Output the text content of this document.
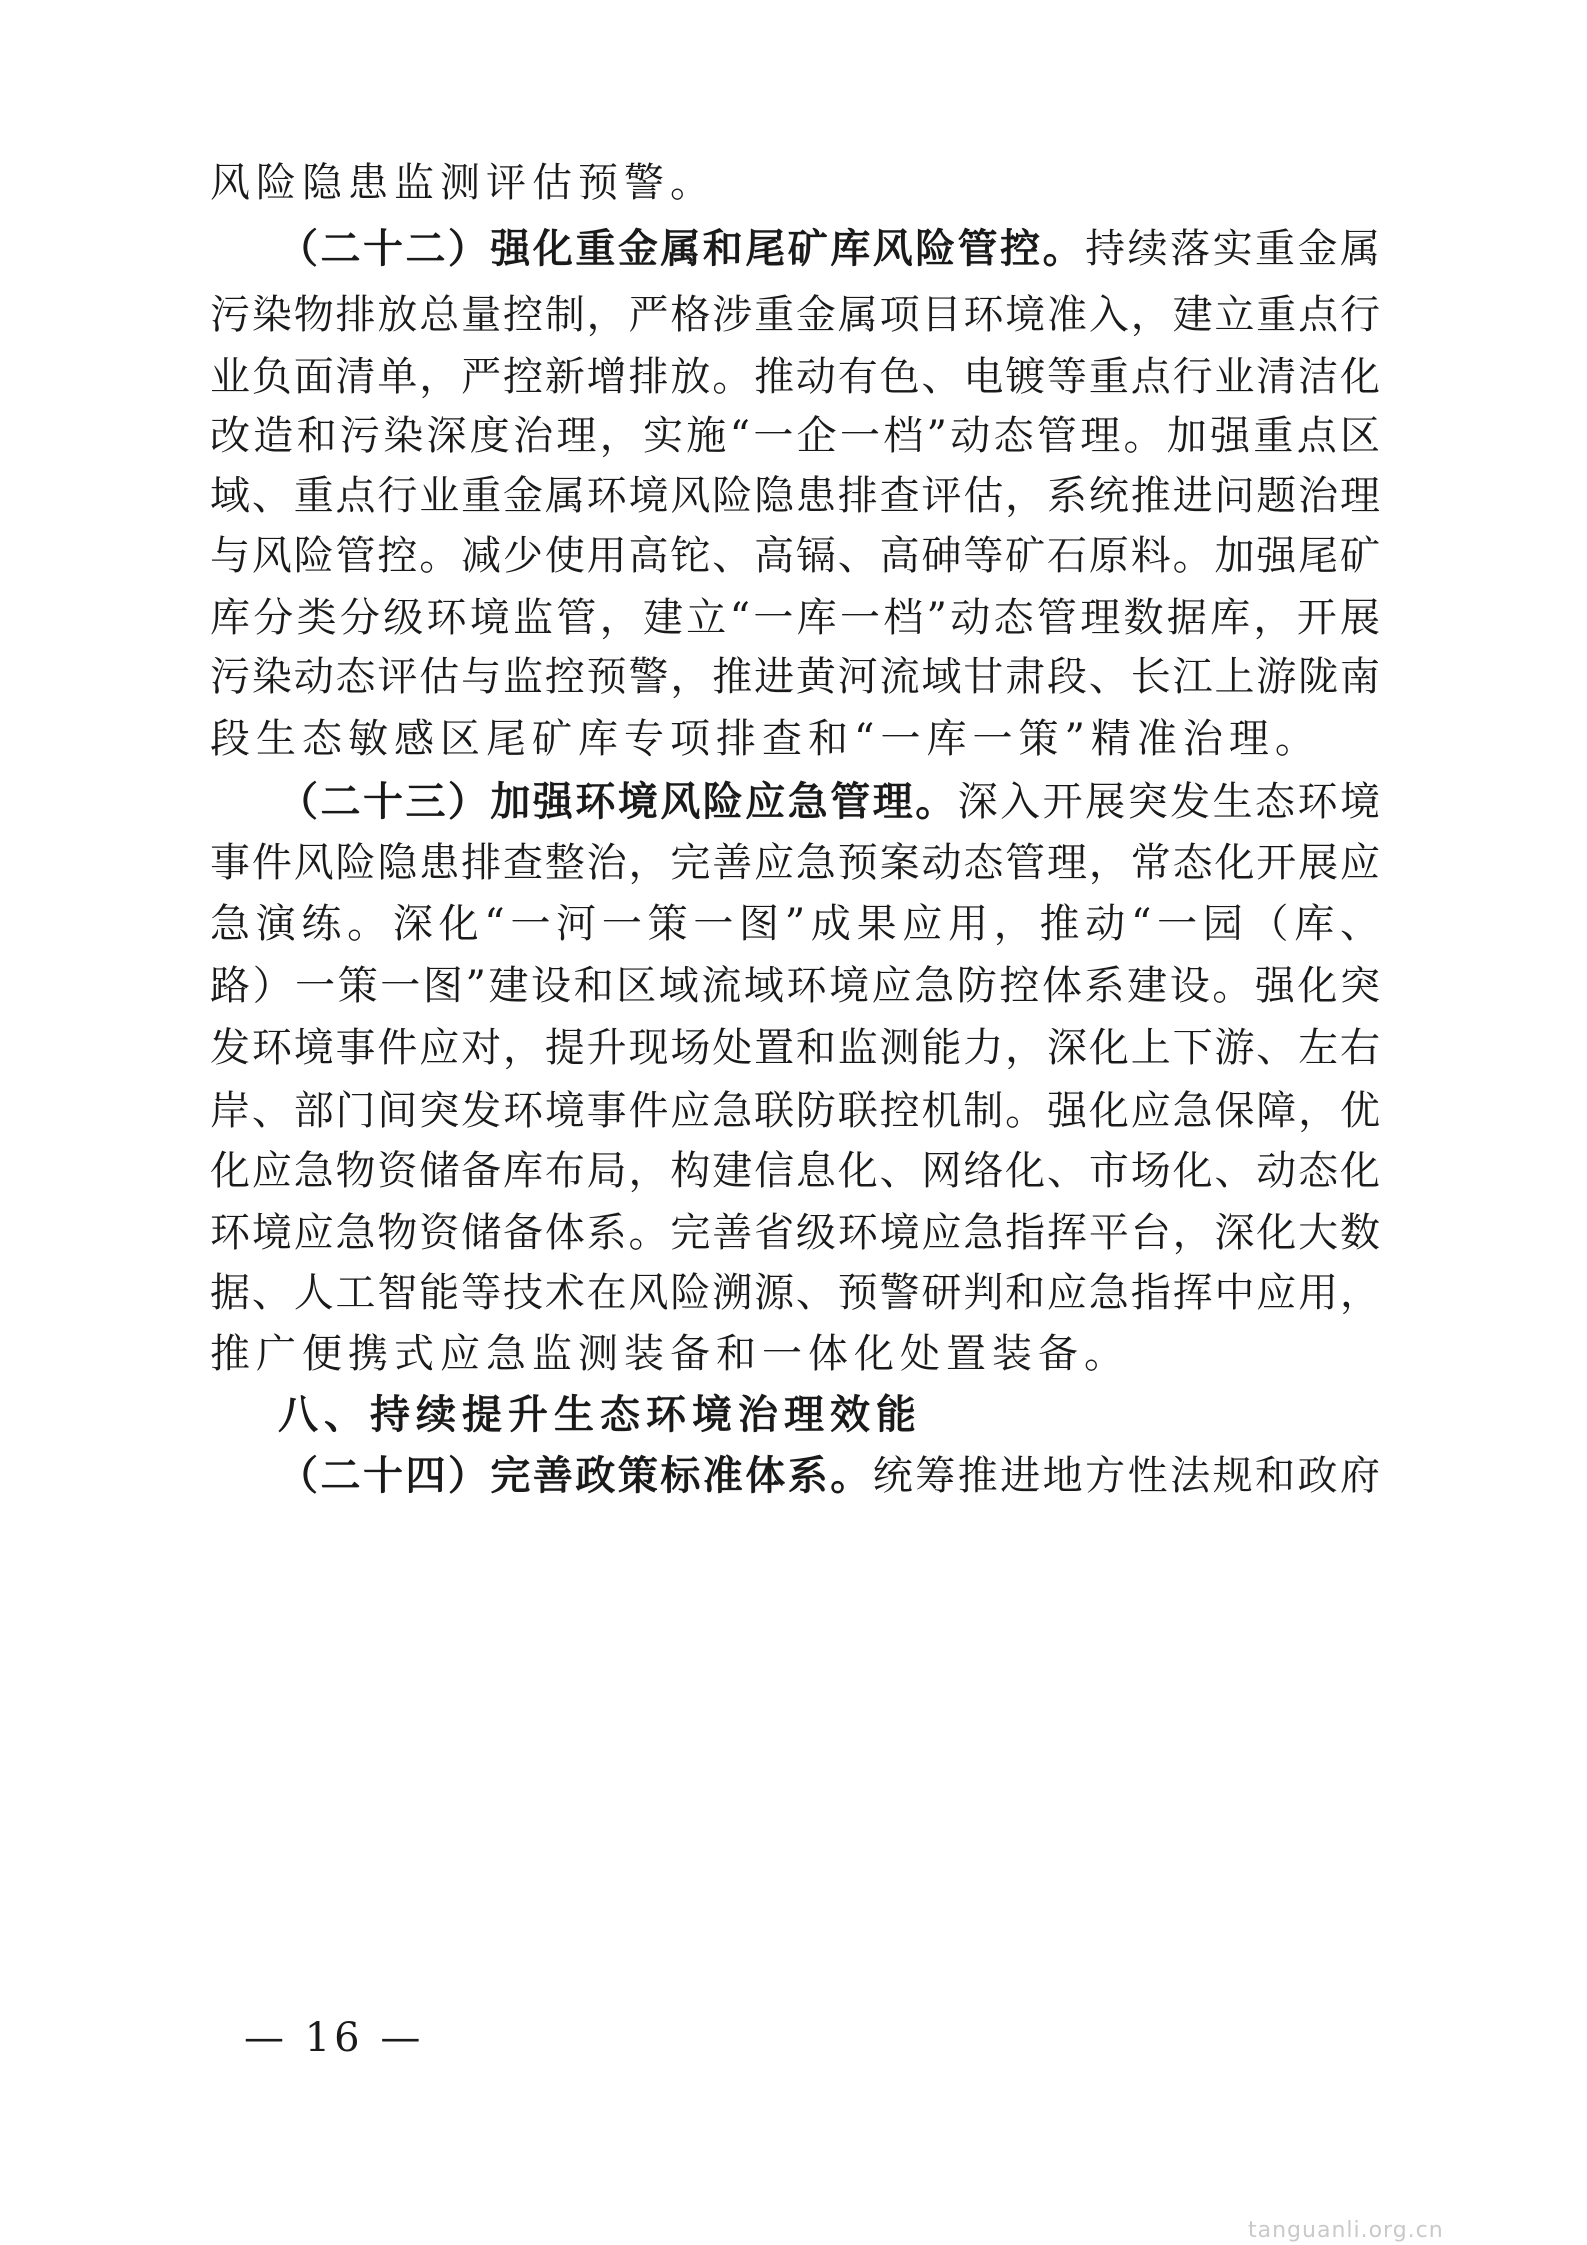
风险隐患监测评估预警。
（二十二）强化重金属和尾矿库风险管控。持续落实重金属
污染物排放总量控制，严格涉重金属项目环境准入，建立重点行
业负面清单，严控新增排放。推动有色、电镀等重点行业清洁化
改造和污染深度治理，实施“一企一档”动态管理。加强重点区
域、重点行业重金属环境风险隐患排查评估，系统推进问题治理
与风险管控。减少使用高铊、高镉、高砷等矿石原料。加强尾矿
库分类分级环境监管，建立“一库一档”动态管理数据库，开展
污染动态评估与监控预警，推进黄河流域甘肃段、长江上游陇南
段生态敏感区尾矿库专项排查和“一库一策”精准治理。
（二十三）加强环境风险应急管理。深入开展突发生态环境
事件风险隐患排查整治，完善应急预案动态管理，常态化开展应
急演练。深化“一河一策一图”成果应用，推动“一园（库、
路）一策一图”建设和区域流域环境应急防控体系建设。强化突
发环境事件应对，提升现场处置和监测能力，深化上下游、左右
岸、部门间突发环境事件应急联防联控机制。强化应急保障，优
化应急物资储备库布局，构建信息化、网络化、市场化、动态化
环境应急物资储备体系。完善省级环境应急指挥平台，深化大数
据、人工智能等技术在风险溯源、预警研判和应急指挥中应用，
推广便携式应急监测装备和一体化处置装备。
八、持续提升生态环境治理效能
（二十四）完善政策标准体系。统筹推进地方性法规和政府
— 16 —
tanguanli.org.cn
